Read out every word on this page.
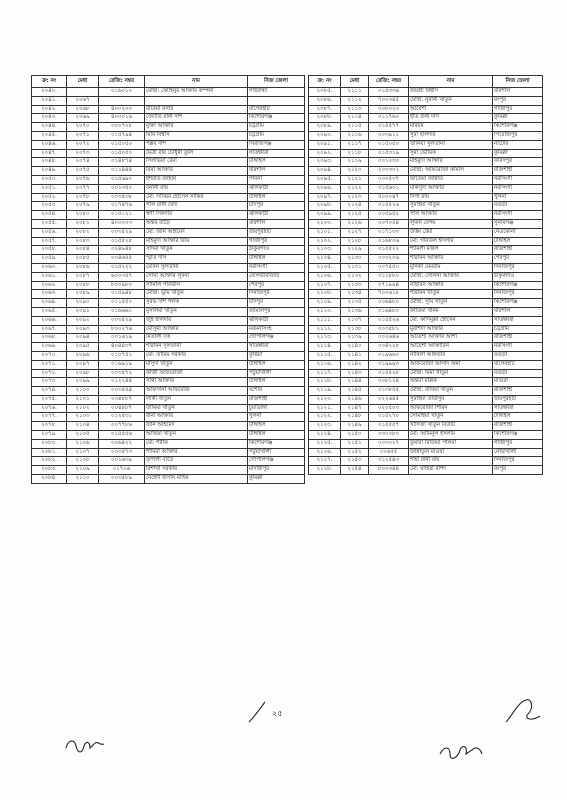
ক্র: নং	মেধা	রেজি: নম্বর	নাম	নিজ জেলা
২০৪০.		০১৬০১০	মোছা: কোহিনুর আক্তার কম্পনা	গাইবান্ধা
২০৪১.	২০৬৭			
২০৪২.	২০৬৮	৪০০২০০	রাবেয়া বসরি	বাগেরহাট
২০৪৩.	২০৬৯	৪০০০১৬	জ্যোতি রানী দাশ	কিশোরগঞ্জ
২০৪৪.	২০৭০	৩০০৭০৮	মুক্তা আক্তার	চট্টগ্রাম
২০৪৫.	২০৭১	০১৫৭৯৪	মিমি বিশ্বাস	চট্টগ্রাম
২০৪৬.	২০৭২	০১৫০৫০	পল্লব দাশ	সিরাজগঞ্জ
২০৪৭.	২০৭৩	০১৫০৫০	মৈত্রী রায় চৌধুরী তুলি	সাতক্ষীরা
২০৪৮.	২০৭৪	০১৪৮৭৪	সিলভিয়া রেমা	টাঙ্গাইল
২০৪৯.	২০৭৫	০১১৪৪৪	রিমা আক্তার	বরিশাল
২০৫০.	২০৭৬	০১৫৬৯০	ইশরাত জাহান	পাবনা
২০৫১.	২০৭৭	০০১৩৫০	বনানী রায়	ঝালকাঠী
২০৫২.	২০৭৮	০০৩৫৩৮	মো: সাব্বির হোসেন সাকিব	টাঙ্গাইল
২০৫৩.	২০৭৯	০১৭৪৭৬	পলি রানী বৈদ্য	চাঁদপুর
২০৫৪.	২০৮০	০১৫১২১	স্বর্ণা সিকদার	ঝালকাঠী
২০৫৫.	২০৮১	৪০০০০৩	অন্তর বাড়ৈ	বরিশাল
২০৫৬.	২০৮২	০০৩৫২৯	মো: জনি আহমেদ	জয়পুরহাট
২০৫৭.	২০৮৩	০১৫৫২৮	মাহমুদা আক্তার রিমি	গাজীপুর
২০৫৮.	২০৮৪	০২৪৯৪৮	সাদমা খাতুন	ঠাকুরগাঁও
২০৫৯.	২০৮৫	০০৪৬৫৫	স্মৃতি দাস	টাঙ্গাইল
২০৬০.	২০৮৬	০১৫২২২	মেরিন সুলতানা	নরসিংদী
২০৬১.	২০৮৭	৬০০৩৫৭	সোমা আক্তার লুবনা	মৌলভীবাজার
২০৬২.	২০৮৮	৮০০৯৮০	সামিলি পারভীন	শেরপুর
২০৬৩.	২০৮৯	০১৫৯৪৮	মোছা: ভুমি খাতুন	দিনাজপুর
২০৬৪.	২০৯০	০১১৫৫০	সুরভ দাশ পলক	চাঁদপুর
২০৬৫.	২০৯১	০১৬৬৬১	মুসলিমা খাতুন	জামালপুর
২০৬৬.	২০৯২	০০৩৫২৯	জুই হালদার	ঝালকাঠী
২০৬৭.	২০৯৩	৮০০২৭৬	মৌসুমী আক্তার	ময়মনসিংহ
২০৬৮.	২০৯৪	০০১৬১৯	মিতালী দত্ত	গোপালগঞ্জ
২০৬৯.	২০৯৫	৪০৪৪৩৭	শারমিন সুলতানা	সাতক্ষীরা
২০৭০.	২০৯৬	০১০৭৫১	মো: তামিম সরকার	কুষ্টিয়া
২০৭১.	২০৯৭	০১৬৯১৯	মাসুদা খাতুন	টাঙ্গাইল
২০৭২.	২০৯৮	০০৩৫৭২	কাজী আফরোজা	পটুয়াখালী
২০৭৩.	২০৯৯	০১২২৪৪	সাথী আক্তার	টাঙ্গাইল
২০৭৪.	২১০০	০০৩৫৫৪	আফসানা আফরোজ	যশোর
২০৭৫.	২১০১	০০৪৮৮৭	লাকী খাতুন	রাজশাহী
২০৭৬.	২১০২	০০৪৮৮৭	তামিমা খাতুন	চুয়াডাঙ্গা
২০৭৭.	২১০৩	০১২৫৩১	রীনা আক্তার	খুলনা
২০৭৮.	২১০৪	০০৭৭৮৬	জনি আহমেদ	টাঙ্গাইল
২০৭৯.	২১০৫	০১৫৫৫৬	আছিয়া খাতুন	টাঙ্গাইল
২০৮০.	২১০৬	০০৬৪২২	মো: শরীফ	কিশোরগঞ্জ
২০৮১.	২১০৭	০০৩৫৭৩	শামিমা আক্তার	পটুয়াখালী
২০৮২.	২১০৮	০০১৬৩৯	তৃপালী বাড়ৈ	গোপালগঞ্জ
২০৮৩.	২১০৯	০১৭০৬	বিশাখা সরকার	মাদারীপুর
২০৮৪.	২১১০	০০৩৫৮৯	মেহেদী হাসান মাহিম	কুমিল্লা
ক্র: নং	মেধা	রেজি: নম্বর	নাম	নিজ জেলা
২০৮৫.	২১১১	০১৫৩৩৬	জয়শ্রী বিশ্বাস	বরিশাল
২০৮৬.	২১১২	৭০০৩৪৫	মোছা: নুরানী খাতুন	রংপুর
২০৮৭.	২১১৩	০০৮০২৩	আবেশা	গাজীপুর
২০৮৮.	২১১৪	০১১৭৬০	ইতি রানী দাস	কুমিল্লা
২০৮৯.	২১১৫	০১৫৫৭৭	মরিয়ম	কিশোরগঞ্জ
২০৯০.	২১১৬	০০৩৯১১	সুমা হালদার	পিরোজপুর
২০৯১.	২১১৭	০১৫০৫৩	তানিয়া সুলতানা	নাটোর
২০৯২.	২১১৮	০১৫৩১৯	সুমা ভৌমিক	কুমিল্লা
২০৯৩.	২১১৯	০০১০৩৩	মাহমুদা আক্তার	ফরিদপুর
২০৯৪.	২১২০	২০০৩০২	মোছা: আফরোজা কামাল	রাজশাহী
২০৯৫.	২১২১	০০০৫৩৭	ফাতেমা জান্নাত	নরসিংদী
২০৯৬.	২১২২	০১৫৬৩১	মাকসুদা আক্তার	নরসিংদী
২০৯৭.	২১২৩	৫০০০৪৭	দিপা রায়	খুলনা
২০৯৮.	২১২৪	০১৫৫২৬	সুমাইয়া খাতুন	বগুড়া
২০৯৯.	২১২৫	০০৫৯৫২	পলি আক্তার	নরসিংদী
২১০০.	২১২৬	০০৭০৫৪	লুবনা বেগম	সুনামগঞ্জ
২১০১.	২১২৭	০১৭১৩৩	উত্তম রেমা	নেত্রকোনা
২১০২.	২১২৮	০১৬৮০৬	মো: গনিউল ইসলাম	টাঙ্গাইল
২১০৩.	২১২৯	০১৫৫২২	শ্যামলী মজল	রাজশাহী
২১০৪.	২১৩০	০০৩২০৬	শারমিন আক্তার	শেরপুর
২১০৫.	২১৩১	০০৭৫৫০	মুনিকা মেমরাম	দিনাজপুর
২১০৬.	২১৩২	০১১৮৮০	মোছা: সেলিনা আক্তার	ঠাকুরগাঁও
২১০৭.	২১৩৩	০৭১৯৯৪	নাছরিন আক্তার	কিশোরগঞ্জ
২১০৮.	২১৩৪	৭০০৬১৮	শারমিন খাতুন	দিনাজপুর
২১০৯.	২১৩৫	০০৬৪৮০	মোছা: সুমি খাতুন	কিশোরগঞ্জ
২১১০.	২১৩৬	০১৬৪৮০	ফাতিমা খানম	বরিশাল
২১১১.	২১৩৭	০১৫৫২৬	মো: কাদিমুল্লা হোসেন	সাতক্ষীরা
২১১২.	২১৩৮	০০৩৫৮১	মুরশিদা আক্তার	চট্টগ্রাম
২১১৩.	২১৩৯	০০২৬৪৬	আয়েশা আক্তার আশা	রাজশাহী
২১১৪.	২১৪০	০০৪২২৮	আয়েশা আক্তারিন	নরসিংদী
২১১৫.	২১৪১	০১৯৬৬০	নাবিলা আকতার	বগুড়া
২১১৬.	২১৪২	০১৯৯৯৩	আফরোজা আসাদ অমা	বাগেরহাট
২১১৭.	২১৪৩	০১৫৫২৮	মোছা: মিমা খাতুন	বগুড়া
২১১৮.	২১৪৪	০০৮১২৪	অন্তরা মল্লিক	মাগুরা
২১১৯.	২১৪৫	০১৩৮৫৫	মোছা: রাবিয়া খাতুন	রাজশাহী
২১২০.	২১৪৬	০২২৬৪৫	সুমাইয়া তাবাসুম	জয়পুরহাট
২১২১.	২১৪৭	০২০৫০৩	আফরোজা শিরিন	সাতক্ষীরা
২১২২.	২১৪৮	০১৫২৭০	সোমাইয়া খাতুন	টাঙ্গাইল
২১২৩.	২১৪৯	০১৫৫৫৭	খাদিজা খাতুন বিউটি	রাজশাহী
২১২৪.	২১৫০	০৩০০৮০	মো: আমিনুল ইসলাম	কিশোরগঞ্জ
২১২৫.	২১৫১	০০৩০২৭	ফুয়ারা রিজিয়া পালমা	গাজীপুর
২১২৬.	২১৫২	০০৬৫৫	জান্নাতুল মাওয়া	নোয়াখালী
২১২৭.	২১৫৩	০১২৫৪৩	শাহা রানী রায়	দিনাজপুর
২১২৮.	২১৫৪	৮০০৩৪৪	মো: মাহিরা রশিদ	রংপুর
২৫
